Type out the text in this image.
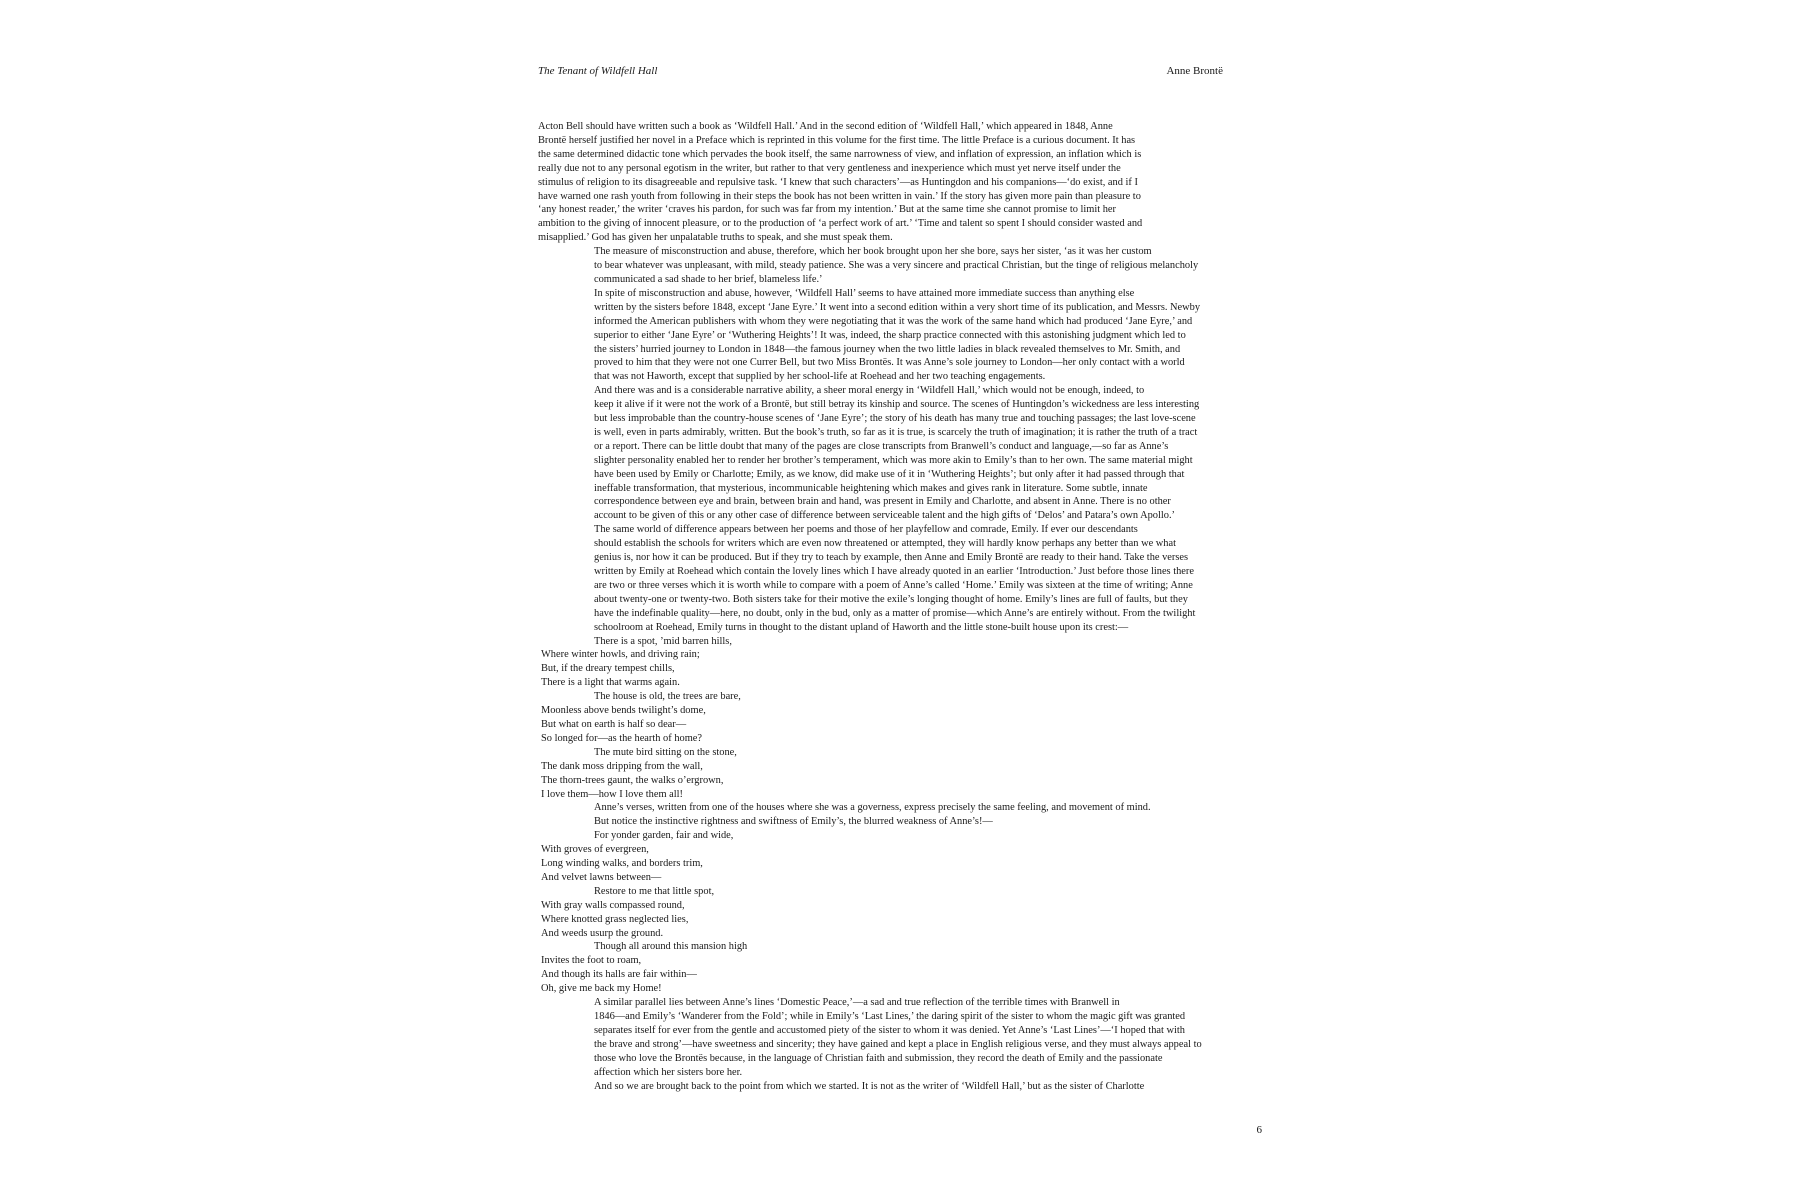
The Tenant of Wildfell Hall	Anne Brontë
Acton Bell should have written such a book as ‘Wildfell Hall.’ And in the second edition of ‘Wildfell Hall,’ which appeared in 1848, Anne
Brontë herself justified her novel in a Preface which is reprinted in this volume for the first time. The little Preface is a curious document. It has
the same determined didactic tone which pervades the book itself, the same narrowness of view, and inflation of expression, an inflation which is
really due not to any personal egotism in the writer, but rather to that very gentleness and inexperience which must yet nerve itself under the
stimulus of religion to its disagreeable and repulsive task. ‘I knew that such characters’—as Huntingdon and his companions—‘do exist, and if I
have warned one rash youth from following in their steps the book has not been written in vain.’ If the story has given more pain than pleasure to
‘any honest reader,’ the writer ‘craves his pardon, for such was far from my intention.’ But at the same time she cannot promise to limit her
ambition to the giving of innocent pleasure, or to the production of ‘a perfect work of art.’ ‘Time and talent so spent I should consider wasted and
misapplied.’ God has given her unpalatable truths to speak, and she must speak them.
The measure of misconstruction and abuse, therefore, which her book brought upon her she bore, says her sister, ‘as it was her custom
to bear whatever was unpleasant, with mild, steady patience. She was a very sincere and practical Christian, but the tinge of religious melancholy
communicated a sad shade to her brief, blameless life.’
In spite of misconstruction and abuse, however, ‘Wildfell Hall’ seems to have attained more immediate success than anything else
written by the sisters before 1848, except ‘Jane Eyre.’ It went into a second edition within a very short time of its publication, and Messrs. Newby
informed the American publishers with whom they were negotiating that it was the work of the same hand which had produced ‘Jane Eyre,’ and
superior to either ‘Jane Eyre’ or ‘Wuthering Heights’! It was, indeed, the sharp practice connected with this astonishing judgment which led to
the sisters’ hurried journey to London in 1848—the famous journey when the two little ladies in black revealed themselves to Mr. Smith, and
proved to him that they were not one Currer Bell, but two Miss Brontës. It was Anne’s sole journey to London—her only contact with a world
that was not Haworth, except that supplied by her school-life at Roehead and her two teaching engagements.
And there was and is a considerable narrative ability, a sheer moral energy in ‘Wildfell Hall,’ which would not be enough, indeed, to
keep it alive if it were not the work of a Brontë, but still betray its kinship and source. The scenes of Huntingdon’s wickedness are less interesting
but less improbable than the country-house scenes of ‘Jane Eyre’; the story of his death has many true and touching passages; the last love-scene
is well, even in parts admirably, written. But the book’s truth, so far as it is true, is scarcely the truth of imagination; it is rather the truth of a tract
or a report. There can be little doubt that many of the pages are close transcripts from Branwell’s conduct and language,—so far as Anne’s
slighter personality enabled her to render her brother’s temperament, which was more akin to Emily’s than to her own. The same material might
have been used by Emily or Charlotte; Emily, as we know, did make use of it in ‘Wuthering Heights’; but only after it had passed through that
ineffable transformation, that mysterious, incommunicable heightening which makes and gives rank in literature. Some subtle, innate
correspondence between eye and brain, between brain and hand, was present in Emily and Charlotte, and absent in Anne. There is no other
account to be given of this or any other case of difference between serviceable talent and the high gifts of ‘Delos’ and Patara’s own Apollo.’
The same world of difference appears between her poems and those of her playfellow and comrade, Emily. If ever our descendants
should establish the schools for writers which are even now threatened or attempted, they will hardly know perhaps any better than we what
genius is, nor how it can be produced. But if they try to teach by example, then Anne and Emily Brontë are ready to their hand. Take the verses
written by Emily at Roehead which contain the lovely lines which I have already quoted in an earlier ‘Introduction.’ Just before those lines there
are two or three verses which it is worth while to compare with a poem of Anne’s called ‘Home.’ Emily was sixteen at the time of writing; Anne
about twenty-one or twenty-two. Both sisters take for their motive the exile’s longing thought of home. Emily’s lines are full of faults, but they
have the indefinable quality—here, no doubt, only in the bud, only as a matter of promise—which Anne’s are entirely without. From the twilight
schoolroom at Roehead, Emily turns in thought to the distant upland of Haworth and the little stone-built house upon its crest:—
There is a spot, ’mid barren hills,
Where winter howls, and driving rain;
But, if the dreary tempest chills,
There is a light that warms again.
The house is old, the trees are bare,
Moonless above bends twilight’s dome,
But what on earth is half so dear—
So longed for—as the hearth of home?
The mute bird sitting on the stone,
The dank moss dripping from the wall,
The thorn-trees gaunt, the walks o’ergrown,
I love them—how I love them all!
Anne’s verses, written from one of the houses where she was a governess, express precisely the same feeling, and movement of mind.
But notice the instinctive rightness and swiftness of Emily’s, the blurred weakness of Anne’s!—
For yonder garden, fair and wide,
With groves of evergreen,
Long winding walks, and borders trim,
And velvet lawns between—
Restore to me that little spot,
With gray walls compassed round,
Where knotted grass neglected lies,
And weeds usurp the ground.
Though all around this mansion high
Invites the foot to roam,
And though its halls are fair within—
Oh, give me back my Home!
A similar parallel lies between Anne’s lines ‘Domestic Peace,’—a sad and true reflection of the terrible times with Branwell in
1846—and Emily’s ‘Wanderer from the Fold’; while in Emily’s ‘Last Lines,’ the daring spirit of the sister to whom the magic gift was granted
separates itself for ever from the gentle and accustomed piety of the sister to whom it was denied. Yet Anne’s ‘Last Lines’—‘I hoped that with
the brave and strong’—have sweetness and sincerity; they have gained and kept a place in English religious verse, and they must always appeal to
those who love the Brontës because, in the language of Christian faith and submission, they record the death of Emily and the passionate
affection which her sisters bore her.
And so we are brought back to the point from which we started. It is not as the writer of ‘Wildfell Hall,’ but as the sister of Charlotte
6
